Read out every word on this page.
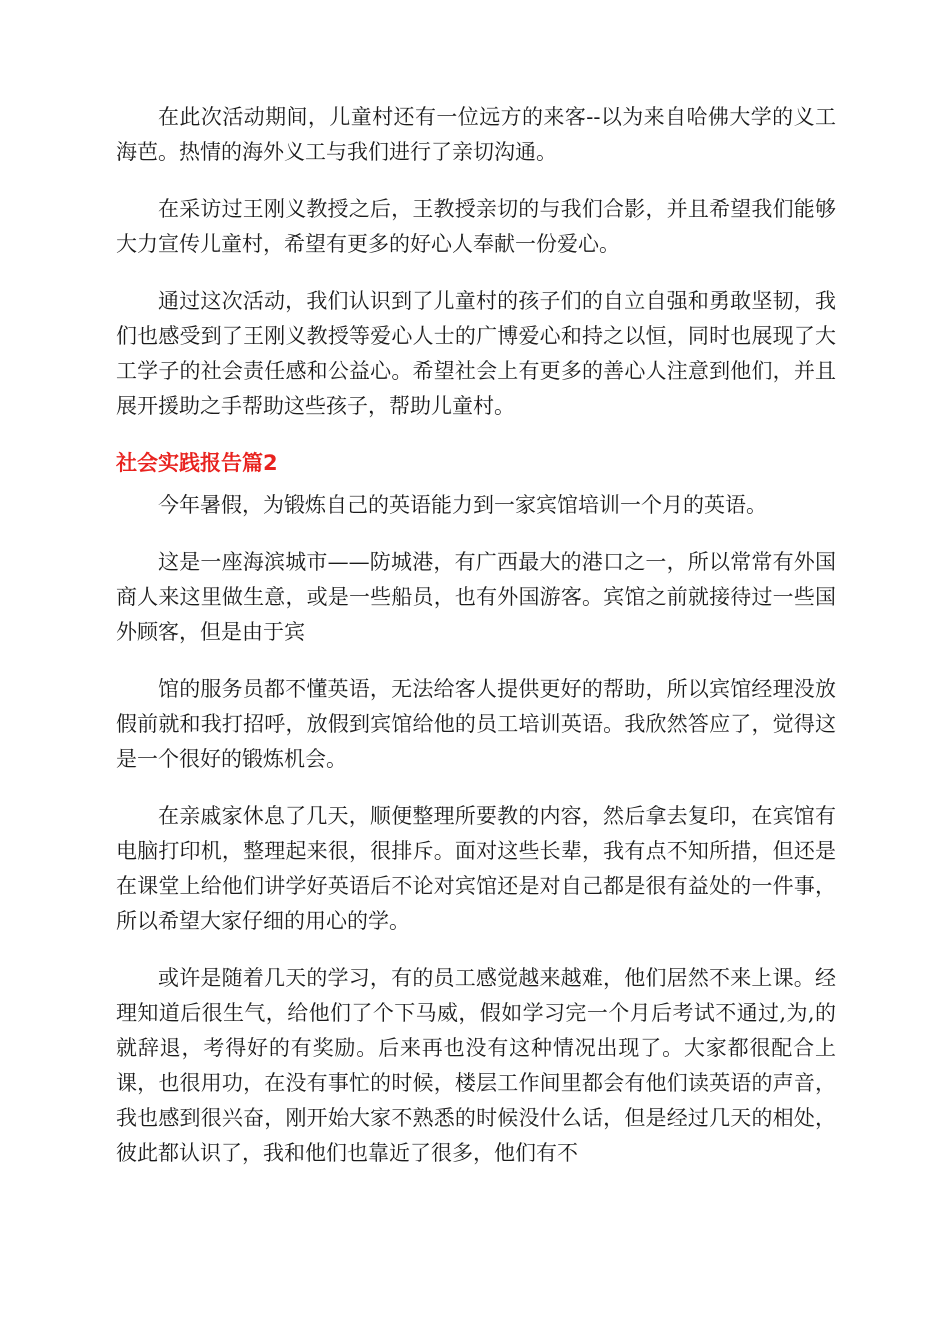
在此次活动期间，儿童村还有一位远方的来客--以为来自哈佛大学的义工海芭。热情的海外义工与我们进行了亲切沟通。

在采访过王刚义教授之后，王教授亲切的与我们合影，并且希望我们能够大力宣传儿童村，希望有更多的好心人奉献一份爱心。

通过这次活动，我们认识到了儿童村的孩子们的自立自强和勇敢坚韧，我们也感受到了王刚义教授等爱心人士的广博爱心和持之以恒，同时也展现了大工学子的社会责任感和公益心。希望社会上有更多的善心人注意到他们，并且展开援助之手帮助这些孩子，帮助儿童村。

社会实践报告篇2

今年暑假，为锻炼自己的英语能力到一家宾馆培训一个月的英语。

这是一座海滨城市——防城港，有广西最大的港口之一，所以常常有外国商人来这里做生意，或是一些船员，也有外国游客。宾馆之前就接待过一些国外顾客，但是由于宾

馆的服务员都不懂英语，无法给客人提供更好的帮助，所以宾馆经理没放假前就和我打招呼，放假到宾馆给他的员工培训英语。我欣然答应了，觉得这是一个很好的锻炼机会。

在亲戚家休息了几天，顺便整理所要教的内容，然后拿去复印，在宾馆有电脑打印机，整理起来很，很排斥。面对这些长辈，我有点不知所措，但还是在课堂上给他们讲学好英语后不论对宾馆还是对自己都是很有益处的一件事，所以希望大家仔细的用心的学。

或许是随着几天的学习，有的员工感觉越来越难，他们居然不来上课。经理知道后很生气，给他们了个下马威，假如学习完一个月后考试不通过,为,的就辞退，考得好的有奖励。后来再也没有这种情况出现了。大家都很配合上课，也很用功，在没有事忙的时候，楼层工作间里都会有他们读英语的声音，我也感到很兴奋，刚开始大家不熟悉的时候没什么话，但是经过几天的相处，彼此都认识了，我和他们也靠近了很多，他们有不
